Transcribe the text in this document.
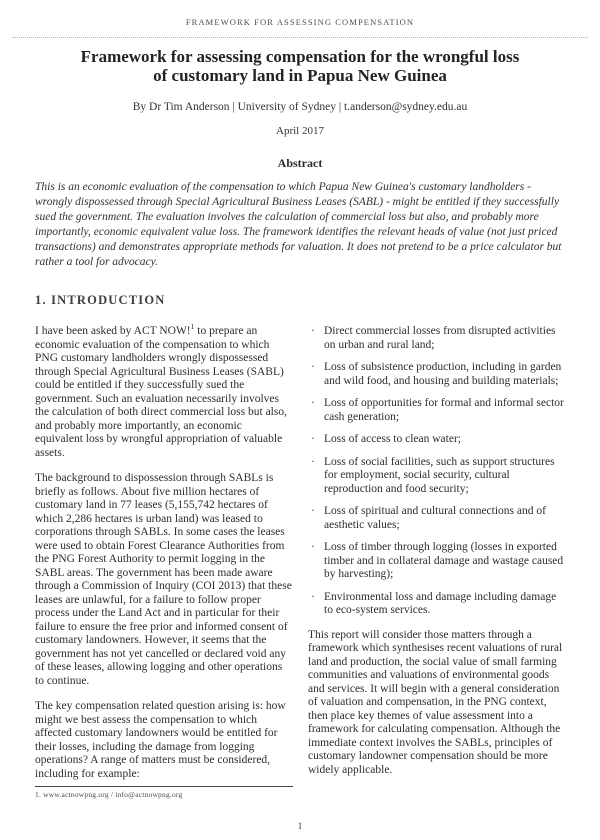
FRAMEWORK FOR ASSESSING COMPENSATION
Framework for assessing compensation for the wrongful loss
of customary land in Papua New Guinea
By Dr Tim Anderson | University of Sydney | t.anderson@sydney.edu.au
April 2017
Abstract
This is an economic evaluation of the compensation to which Papua New Guinea's customary landholders - wrongly dispossessed through Special Agricultural Business Leases (SABL) - might be entitled if they successfully sued the government. The evaluation involves the calculation of commercial loss but also, and probably more importantly, economic equivalent value loss. The framework identifies the relevant heads of value (not just priced transactions) and demonstrates appropriate methods for valuation. It does not pretend to be a price calculator but rather a tool for advocacy.
1. INTRODUCTION

I have been asked by ACT NOW!$^1$ to prepare an economic evaluation of the compensation to which PNG customary landholders wrongly dispossessed through Special Agricultural Business Leases (SABL) could be entitled if they successfully sued the government. Such an evaluation necessarily involves the calculation of both direct commercial loss but also, and probably more importantly, an economic equivalent loss by wrongful appropriation of valuable assets.

The background to dispossession through SABLs is briefly as follows. About five million hectares of customary land in 77 leases (5,155,742 hectares of which 2,286 hectares is urban land) was leased to corporations through SABLs. In some cases the leases were used to obtain Forest Clearance Authorities from the PNG Forest Authority to permit logging in the SABL areas. The government has been made aware through a Commission of Inquiry (COI 2013) that these leases are unlawful, for a failure to follow proper process under the Land Act and in particular for their failure to ensure the free prior and informed consent of customary landowners. However, it seems that the government has not yet cancelled or declared void any of these leases, allowing logging and other operations to continue.

The key compensation related question arising is: how might we best assess the compensation to which affected customary landowners would be entitled for their losses, including the damage from logging operations? A range of matters must be considered, including for example:

· Direct commercial losses from disrupted activities on urban and rural land;
· Loss of subsistence production, including in garden and wild food, and housing and building materials;
· Loss of opportunities for formal and informal sector cash generation;
· Loss of access to clean water;
· Loss of social facilities, such as support structures for employment, social security, cultural reproduction and food security;
· Loss of spiritual and cultural connections and of aesthetic values;
· Loss of timber through logging (losses in exported timber and in collateral damage and wastage caused by harvesting);
· Environmental loss and damage including damage to eco-system services.

This report will consider those matters through a framework which synthesises recent valuations of rural land and production, the social value of small farming communities and valuations of environmental goods and services. It will begin with a general consideration of valuation and compensation, in the PNG context, then place key themes of value assessment into a framework for calculating compensation. Although the immediate context involves the SABLs, principles of customary landowner compensation should be more widely applicable.

1. www.actnowpng.org / info@actnowpng.org
1
